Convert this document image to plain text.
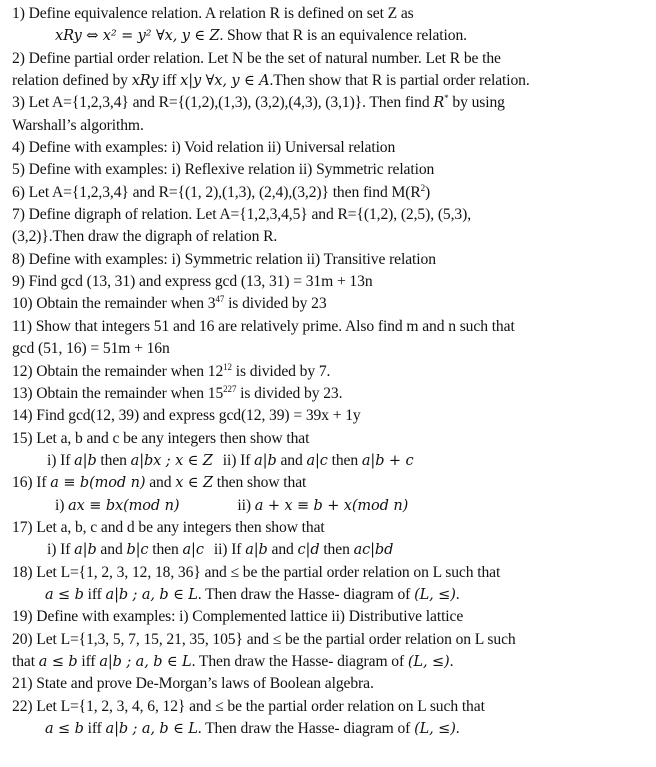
1) Define equivalence relation. A relation R is defined on set Z as
xRy ⇔ x² = y² ∀x, y ∈ Z. Show that R is an equivalence relation.
2) Define partial order relation. Let N be the set of natural number. Let R be the
relation defined by xRy iff x|y ∀x, y ∈ A.Then show that R is partial order relation.
3) Let A={1,2,3,4} and R={(1,2),(1,3), (3,2),(4,3), (3,1)}. Then find R* by using
Warshall’s algorithm.
4) Define with examples: i) Void relation ii) Universal relation
5) Define with examples: i) Reflexive relation ii) Symmetric relation
6) Let A={1,2,3,4} and R={(1, 2),(1,3), (2,4),(3,2)} then find $M(R^2)$
7) Define digraph of relation. Let A={1,2,3,4,5} and R={(1,2), (2,5), (5,3),
(3,2)}.Then draw the digraph of relation R.
8) Define with examples: i) Symmetric relation ii) Transitive relation
9) Find gcd (13, 31) and express gcd (13, 31) = 31m + 13n
10) Obtain the remainder when $3^{47}$ is divided by 23
11) Show that integers 51 and 16 are relatively prime. Also find m and n such that
gcd (51, 16) = 51m + 16n
12) Obtain the remainder when $12^{12}$ is divided by 7.
13) Obtain the remainder when $15^{227}$ is divided by 23.
14) Find gcd(12, 39) and express gcd(12, 39) = 39x + 1y
15) Let a, b and c be any integers then show that
i) If a|b then a|bx ; x ∈ Z ii) If a|b and a|c then a|b + c
16) If a ≡ b(mod n) and x ∈ Z then show that
i) ax ≡ bx(mod n)	ii) a + x ≡ b + x(mod n)
17) Let a, b, c and d be any integers then show that
i) If a|b and b|c then a|c ii) If a|b and c|d then ac|bd
18) Let L={1, 2, 3, 12, 18, 36} and ≤ be the partial order relation on L such that
a ≤ b iff a|b ; a, b ∈ L. Then draw the Hasse- diagram of (L, ≤).
19) Define with examples: i) Complemented lattice ii) Distributive lattice
20) Let L={1,3, 5, 7, 15, 21, 35, 105} and ≤ be the partial order relation on L such
that a ≤ b iff a|b ; a, b ∈ L. Then draw the Hasse- diagram of (L, ≤).
21) State and prove De-Morgan’s laws of Boolean algebra.
22) Let L={1, 2, 3, 4, 6, 12} and ≤ be the partial order relation on L such that
a ≤ b iff a|b ; a, b ∈ L. Then draw the Hasse- diagram of (L, ≤).
